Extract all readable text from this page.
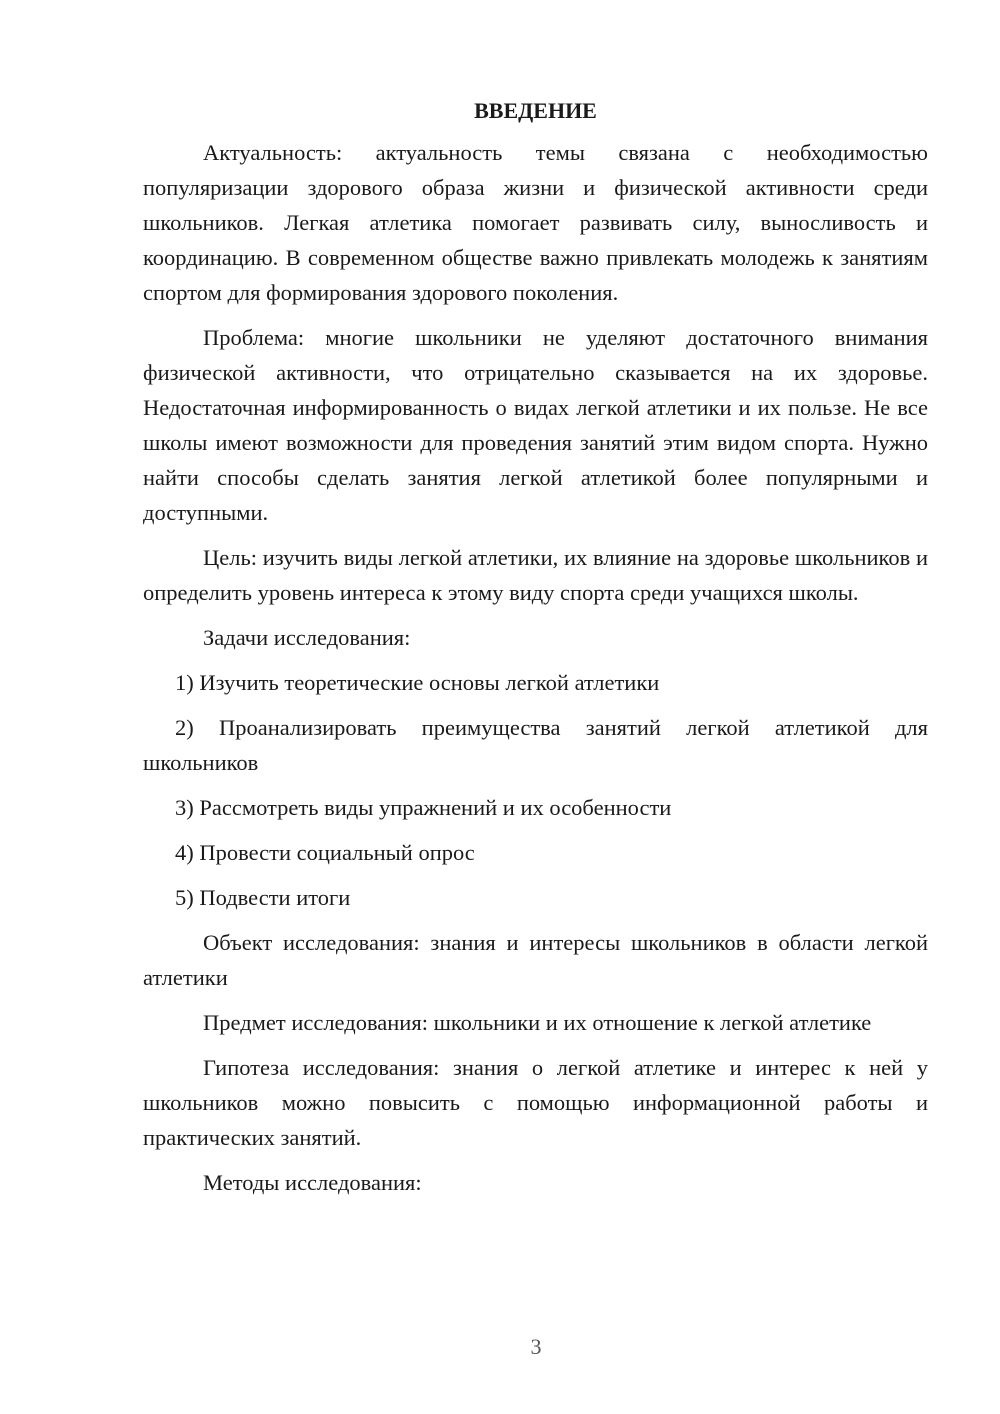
ВВЕДЕНИЕ

Актуальность: актуальность темы связана с необходимостью популяризации здорового образа жизни и физической активности среди школьников. Легкая атлетика помогает развивать силу, выносливость и координацию. В современном обществе важно привлекать молодежь к занятиям спортом для формирования здорового поколения.

Проблема: многие школьники не уделяют достаточного внимания физической активности, что отрицательно сказывается на их здоровье. Недостаточная информированность о видах легкой атлетики и их пользе. Не все школы имеют возможности для проведения занятий этим видом спорта. Нужно найти способы сделать занятия легкой атлетикой более популярными и доступными.

Цель: изучить виды легкой атлетики, их влияние на здоровье школьников и определить уровень интереса к этому виду спорта среди учащихся школы.

Задачи исследования:

1) Изучить теоретические основы легкой атлетики

2) Проанализировать преимущества занятий легкой атлетикой для школьников

3) Рассмотреть виды упражнений и их особенности

4) Провести социальный опрос

5) Подвести итоги

Объект исследования: знания и интересы школьников в области легкой атлетики

Предмет исследования: школьники и их отношение к легкой атлетике

Гипотеза исследования: знания о легкой атлетике и интерес к ней у школьников можно повысить с помощью информационной работы и практических занятий.

Методы исследования:

3
